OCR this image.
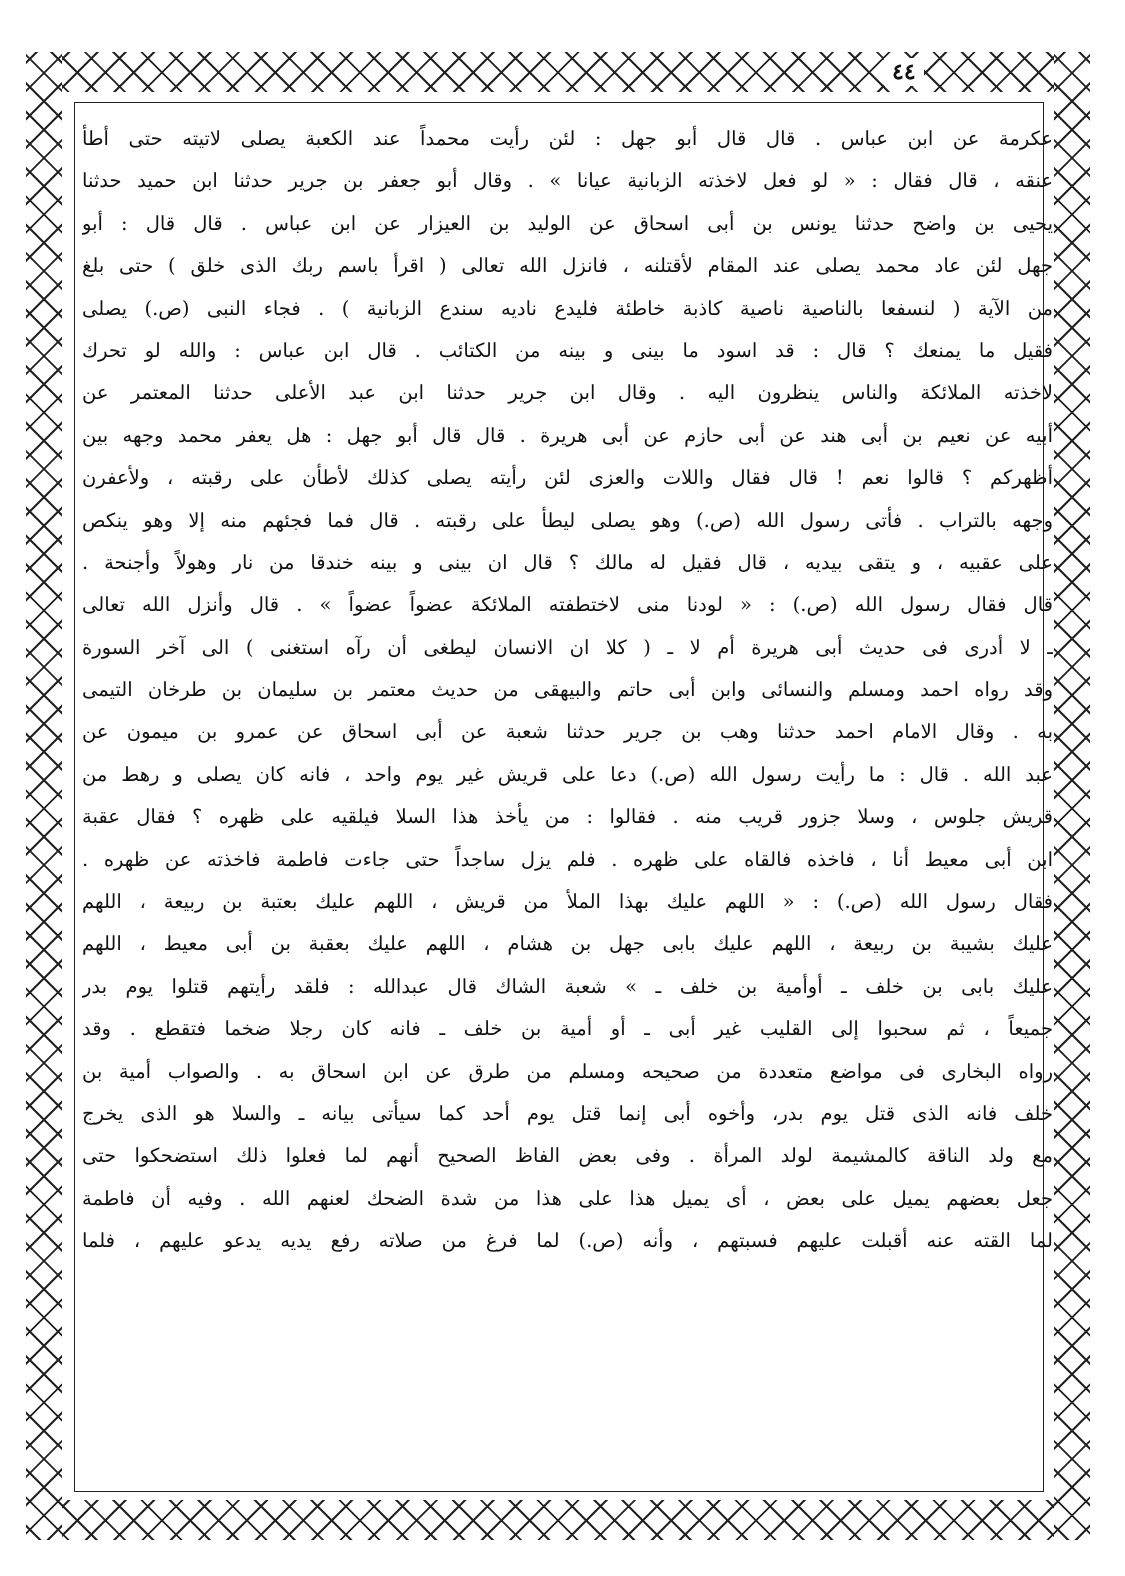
٤٤
عكرمة عن ابن عباس . قال قال أبو جهل : لئن رأيت محمداً عند الكعبة يصلى لاتيته حتى أطأ
عنقه ، قال فقال : « لو فعل لاخذته الزبانية عيانا » . وقال أبو جعفر بن جرير حدثنا ابن حميد حدثنا
يحيى بن واضح حدثنا يونس بن أبى اسحاق عن الوليد بن العيزار عن ابن عباس . قال قال : أبو
جهل لئن عاد محمد يصلى عند المقام لأقتلنه ، فانزل الله تعالى ( اقرأ باسم ربك الذى خلق ) حتى بلغ
من الآية ( لنسفعا بالناصية ناصية كاذبة خاطئة فليدع ناديه سندع الزبانية ) . فجاء النبى (ص.) يصلى
فقيل ما يمنعك ؟ قال : قد اسود ما بينى و بينه من الكتائب . قال ابن عباس : والله لو تحرك
لاخذته الملائكة والناس ينظرون اليه . وقال ابن جرير حدثنا ابن عبد الأعلى حدثنا المعتمر عن
أبيه عن نعيم بن أبى هند عن أبى حازم عن أبى هريرة . قال قال أبو جهل : هل يعفر محمد وجهه بين
أظهركم ؟ قالوا نعم ! قال فقال واللات والعزى لئن رأيته يصلى كذلك لأطأن على رقبته ، ولأعفرن
وجهه بالتراب . فأتى رسول الله (ص.) وهو يصلى ليطأ على رقبته . قال فما فجئهم منه إلا وهو ينكص
على عقبيه ، و يتقى بيديه ، قال فقيل له مالك ؟ قال ان بينى و بينه خندقا من نار وهولاً وأجنحة .
قال فقال رسول الله (ص.) : « لودنا منى لاختطفته الملائكة عضواً عضواً » . قال وأنزل الله تعالى
ـ لا أدرى فى حديث أبى هريرة أم لا ـ ( كلا ان الانسان ليطغى أن رآه استغنى ) الى آخر السورة
وقد رواه احمد ومسلم والنسائى وابن أبى حاتم والبيهقى من حديث معتمر بن سليمان بن طرخان التيمى
به . وقال الامام احمد حدثنا وهب بن جرير حدثنا شعبة عن أبى اسحاق عن عمرو بن ميمون عن
عبد الله . قال : ما رأيت رسول الله (ص.) دعا على قريش غير يوم واحد ، فانه كان يصلى و رهط من
قريش جلوس ، وسلا جزور قريب منه . فقالوا : من يأخذ هذا السلا فيلقيه على ظهره ؟ فقال عقبة
ابن أبى معيط أنا ، فاخذه فالقاه على ظهره . فلم يزل ساجداً حتى جاءت فاطمة فاخذته عن ظهره .
فقال رسول الله (ص.) : « اللهم عليك بهذا الملأ من قريش ، اللهم عليك بعتبة بن ربيعة ، اللهم
عليك بشيبة بن ربيعة ، اللهم عليك بابى جهل بن هشام ، اللهم عليك بعقبة بن أبى معيط ، اللهم
عليك بابى بن خلف ـ أوأمية بن خلف ـ » شعبة الشاك قال عبدالله : فلقد رأيتهم قتلوا يوم بدر
جميعاً ، ثم سحبوا إلى القليب غير أبى ـ أو أمية بن خلف ـ فانه كان رجلا ضخما فتقطع . وقد
رواه البخارى فى مواضع متعددة من صحيحه ومسلم من طرق عن ابن اسحاق به . والصواب أمية بن
خلف فانه الذى قتل يوم بدر، وأخوه أبى إنما قتل يوم أحد كما سيأتى بيانه ـ والسلا هو الذى يخرج
مع ولد الناقة كالمشيمة لولد المرأة . وفى بعض الفاظ الصحيح أنهم لما فعلوا ذلك استضحكوا حتى
جعل بعضهم يميل على بعض ، أى يميل هذا على هذا من شدة الضحك لعنهم الله . وفيه أن فاطمة
لما القته عنه أقبلت عليهم فسبتهم ، وأنه (ص.) لما فرغ من صلاته رفع يديه يدعو عليهم ، فلما
